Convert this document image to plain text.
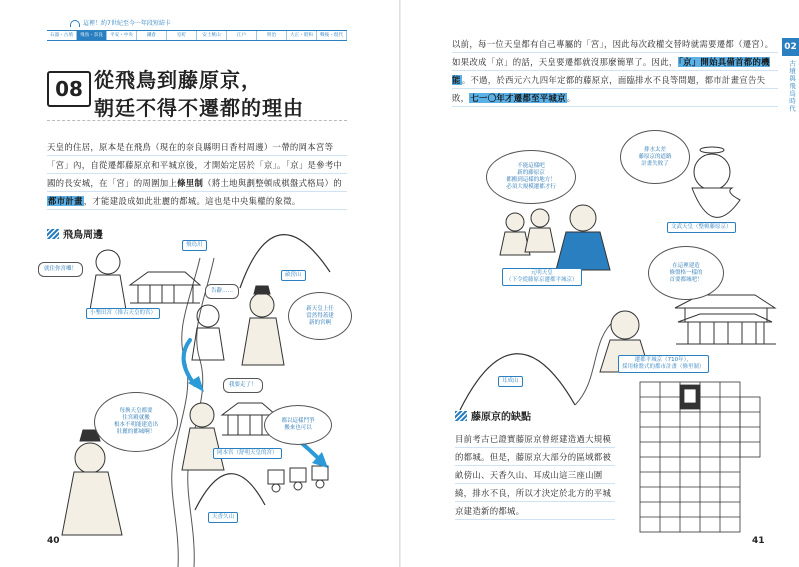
這裡！約7世紀至今一年段短結卡
石器・古墳	飛鳥・奈良	平安・中央	鎌倉	室町	安土桃山	江戶	明治	大正・昭和	戰後・現代
08 從飛鳥到藤原京，
朝廷不得不遷都的理由
天皇的住居，原本是在飛鳥（現在的奈良縣明日香村周邊）一帶的岡本宮等「宮」內，自從遷都藤原京和平城京後，才開始定居於「京」。「京」是參考中國的長安城，在「宮」的周圍加上條里制（將土地與劃整頓成棋盤式格局）的都市計畫，才能建設成如此壯麗的都城。這也是中央集權的象徵。
飛鳥周邊
飛鳥川
畝傍山
小墾田宮（推古天皇的宮）
岡本宮（舒明天皇的宮）
天香久山
就住你宮囉！
告辭……
新天皇上任
當然得蓋建
新的宮啊
我要走了！
每換天皇都要
住宮殿就搬
根本不明能建造出
壯麗的都城啊！
都以這樣鬥爭
搬來也可以
40
以前，每一位天皇都有自己專屬的「宮」，因此每次政權交替時就需要遷都（遷宮）。如果改成「京」的話，天皇要遷都就沒那麼簡單了。因此，「京」開始具備首都的機能。不過，於西元六九四年定都的藤原京，面臨排水不良等問題，都市計畫宣告失敗，七一〇年才遷都至平城京。
不能這樣吧
新的藤原京
都搬到這樣的地方！
必須大規模遷都才行
排水太差
藤原京的道路
計畫失敗了
在這裡建造
條盤格一樣的
首要都城吧！
元明天皇
（下令從藤原京遷都平城京）
文武天皇（整頓藤原京）
耳成山
遷都平城京（710年），
採用條盤式的都市計畫（條里制）
藤原京的缺點
目前考古已證實藤原京曾經建造過大規模的都城。但是，藤原京大部分的區域都被畝傍山、天香久山、耳成山這三座山圍繞，排水不良，所以才決定於北方的平城京建造新的都城。
02
古墳與飛鳥時代
41
